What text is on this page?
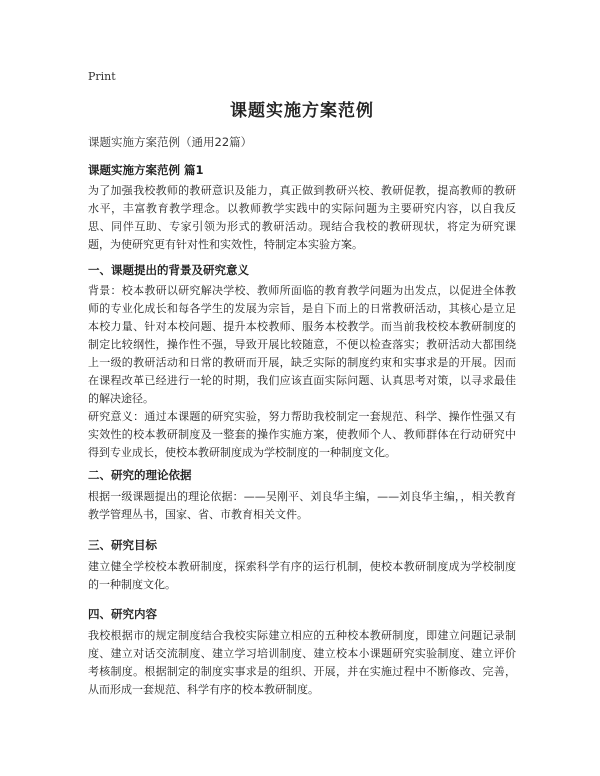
Print
课题实施方案范例

课题实施方案范例（通用22篇）

课题实施方案范例 篇1

为了加强我校教师的教研意识及能力，真正做到教研兴校、教研促教，提高教师的教研水平，丰富教育教学理念。以教师教学实践中的实际问题为主要研究内容，以自我反思、同伴互助、专家引领为形式的教研活动。现结合我校的教研现状，将定为研究课题，为使研究更有针对性和实效性，特制定本实验方案。

一、课题提出的背景及研究意义

背景：校本教研以研究解决学校、教师所面临的教育教学问题为出发点，以促进全体教师的专业化成长和每各学生的发展为宗旨，是自下而上的日常教研活动，其核心是立足本校力量、针对本校问题、提升本校教师、服务本校教学。而当前我校校本教研制度的制定比较纲性，操作性不强，导致开展比较随意，不便以检查落实；教研活动大都围绕上一级的教研活动和日常的教研而开展，缺乏实际的制度约束和实事求是的开展。因而在课程改革已经进行一轮的时期，我们应该直面实际问题、认真思考对策，以寻求最佳的解决途径。

研究意义：通过本课题的研究实验，努力帮助我校制定一套规范、科学、操作性强又有实效性的校本教研制度及一整套的操作实施方案，使教师个人、教师群体在行动研究中得到专业成长，使校本教研制度成为学校制度的一种制度文化。

二、研究的理论依据

根据一级课题提出的理论依据：——吴刚平、刘良华主编，——刘良华主编，，相关教育教学管理丛书，国家、省、市教育相关文件。

三、研究目标

建立健全学校校本教研制度，探索科学有序的运行机制，使校本教研制度成为学校制度的一种制度文化。

四、研究内容

我校根据市的规定制度结合我校实际建立相应的五种校本教研制度，即建立问题记录制度、建立对话交流制度、建立学习培训制度、建立校本小课题研究实验制度、建立评价考核制度。根据制定的制度实事求是的组织、开展，并在实施过程中不断修改、完善，从而形成一套规范、科学有序的校本教研制度。
